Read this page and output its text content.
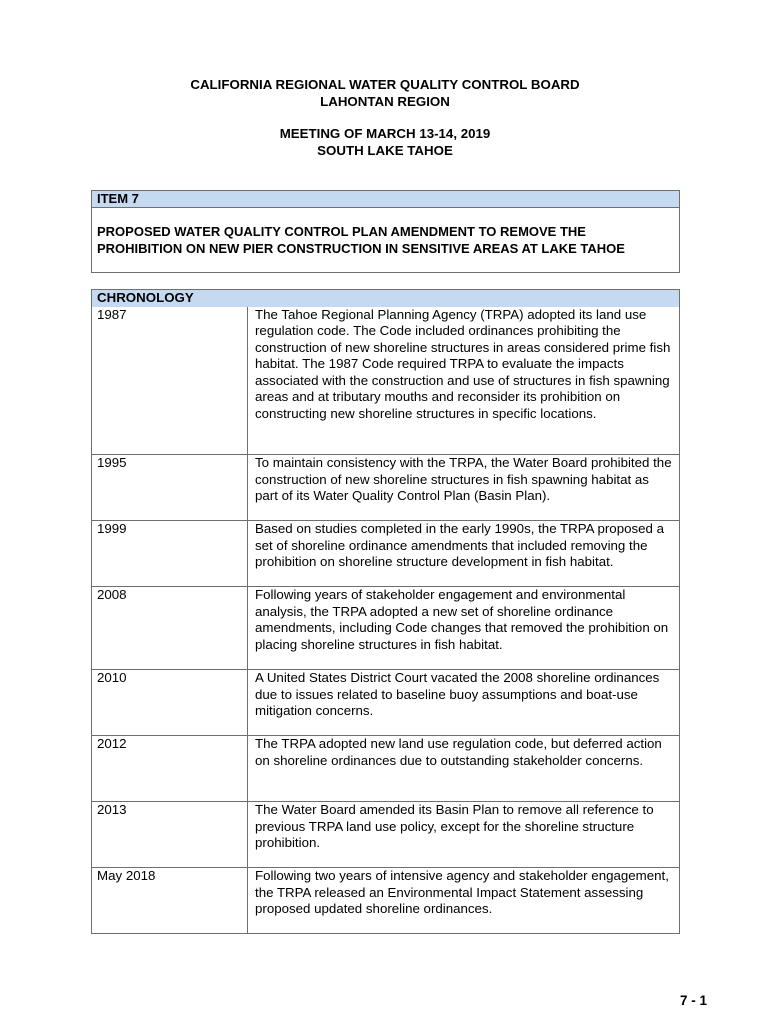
CALIFORNIA REGIONAL WATER QUALITY CONTROL BOARD
LAHONTAN REGION
MEETING OF MARCH 13-14, 2019
SOUTH LAKE TAHOE
ITEM 7
PROPOSED WATER QUALITY CONTROL PLAN AMENDMENT TO REMOVE THE PROHIBITION ON NEW PIER CONSTRUCTION IN SENSITIVE AREAS AT LAKE TAHOE
CHRONOLOGY	
1987	The Tahoe Regional Planning Agency (TRPA) adopted its land use regulation code. The Code included ordinances prohibiting the construction of new shoreline structures in areas considered prime fish habitat. The 1987 Code required TRPA to evaluate the impacts associated with the construction and use of structures in fish spawning areas and at tributary mouths and reconsider its prohibition on constructing new shoreline structures in specific locations.
1995	To maintain consistency with the TRPA, the Water Board prohibited the construction of new shoreline structures in fish spawning habitat as part of its Water Quality Control Plan (Basin Plan).
1999	Based on studies completed in the early 1990s, the TRPA proposed a set of shoreline ordinance amendments that included removing the prohibition on shoreline structure development in fish habitat.
2008	Following years of stakeholder engagement and environmental analysis, the TRPA adopted a new set of shoreline ordinance amendments, including Code changes that removed the prohibition on placing shoreline structures in fish habitat.
2010	A United States District Court vacated the 2008 shoreline ordinances due to issues related to baseline buoy assumptions and boat-use mitigation concerns.
2012	The TRPA adopted new land use regulation code, but deferred action on shoreline ordinances due to outstanding stakeholder concerns.
2013	The Water Board amended its Basin Plan to remove all reference to previous TRPA land use policy, except for the shoreline structure prohibition.
May 2018	Following two years of intensive agency and stakeholder engagement, the TRPA released an Environmental Impact Statement assessing proposed updated shoreline ordinances.
7 - 1
